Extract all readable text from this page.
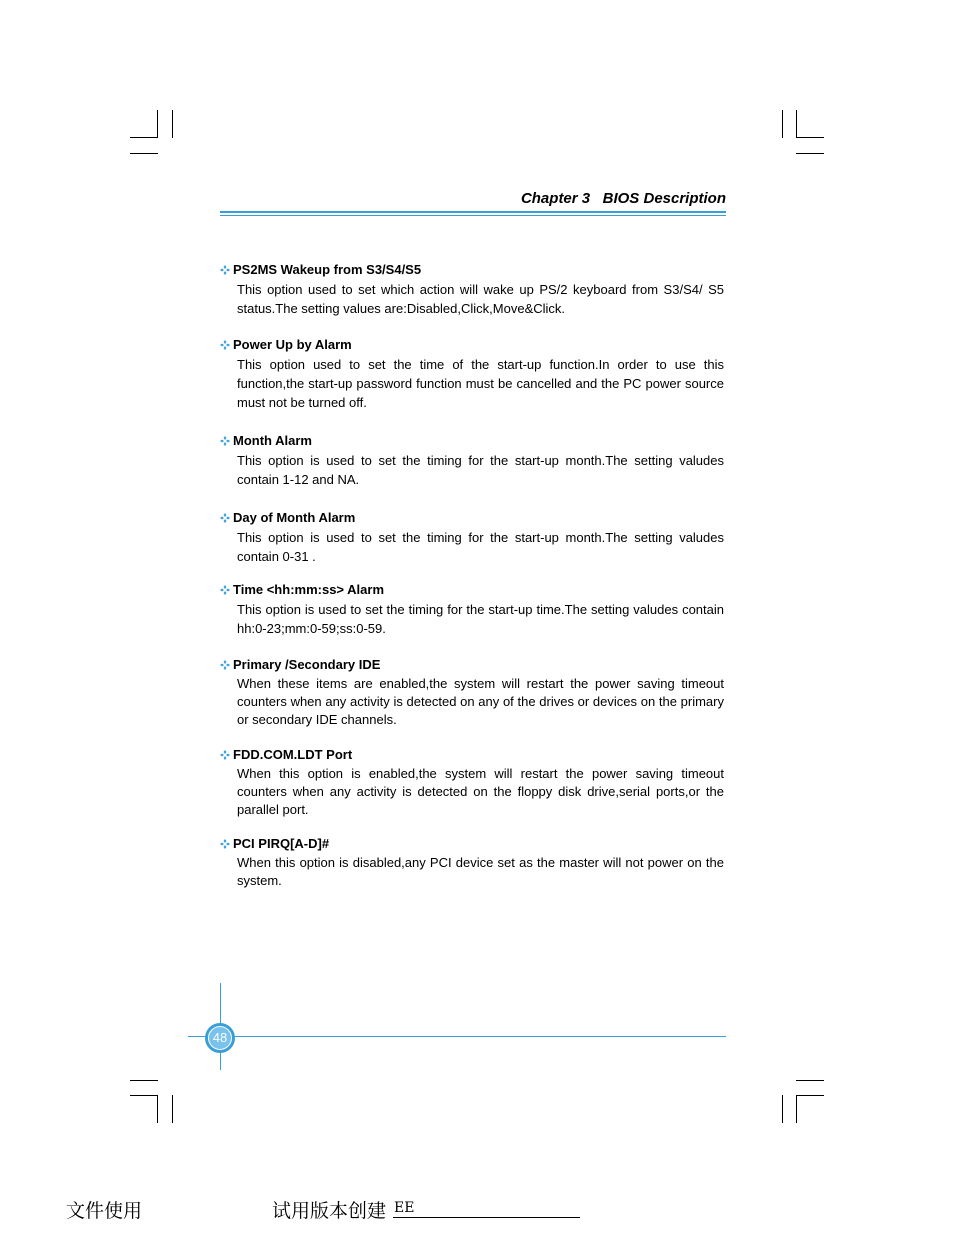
Chapter 3 BIOS Description
PS2MS Wakeup from S3/S4/S5
This option used to set which action will wake up PS/2 keyboard from S3/S4/ S5 status.The setting values are:Disabled,Click,Move&Click.
Power Up by Alarm
This option used to set the time of the start-up function.In order to use this function,the start-up password function must be cancelled and the PC power source must not be turned off.
Month Alarm
This option is used to set the timing for the start-up month.The setting valudes contain 1-12 and NA.
Day of Month Alarm
This option is used to set the timing for the start-up month.The setting valudes contain 0-31 .
Time <hh:mm:ss> Alarm
This option is used to set the timing for the start-up time.The setting valudes contain hh:0-23;mm:0-59;ss:0-59.
Primary /Secondary IDE
When these items are enabled,the system will restart the power saving timeout counters when any activity is detected on any of the drives or devices on the primary or secondary IDE channels.
FDD.COM.LDT Port
When this option is enabled,the system will restart the power saving timeout counters when any activity is detected on the floppy disk drive,serial ports,or the parallel port.
PCI PIRQ[A-D]#
When this option is disabled,any PCI device set as the master will not power on the system.
48
文件使用	试用版本创建 EE
